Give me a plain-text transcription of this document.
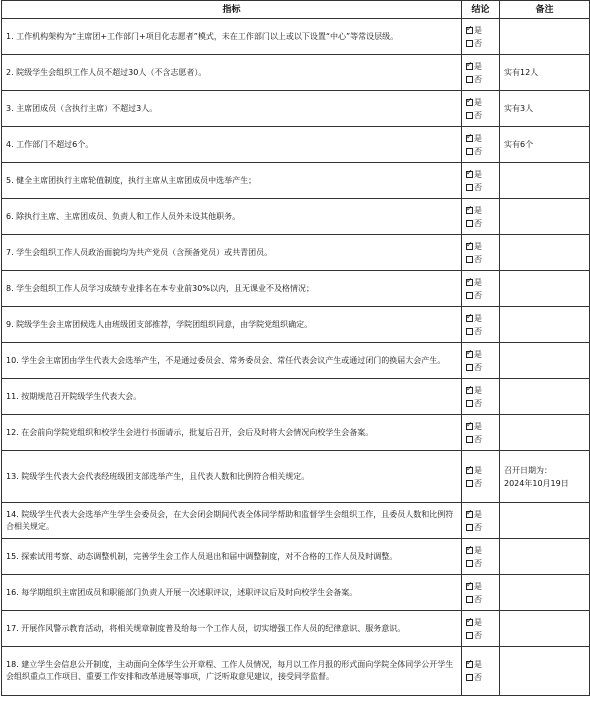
指标	结论	备注
1. 工作机构架构为“主席团+工作部门+项目化志愿者”模式，未在工作部门以上或以下设置“中心”等常设层级。	
✓是
否

2. 院级学生会组织工作人员不超过30人（不含志愿者）。	
✓是
否	实有12人

3. 主席团成员（含执行主席）不超过3人。	
✓是
否	实有3人

4. 工作部门不超过6个。	
✓是
否	实有6个

5. 健全主席团执行主席轮值制度，执行主席从主席团成员中选举产生；	
✓是
否

6. 除执行主席、主席团成员、负责人和工作人员外未设其他职务。	
✓是
否

7. 学生会组织工作人员政治面貌均为共产党员（含预备党员）或共青团员。	
✓是
否

8. 学生会组织工作人员学习成绩专业排名在本专业前30%以内，且无课业不及格情况；	
✓是
否

9. 院级学生会主席团候选人由班级团支部推荐，学院团组织同意，由学院党组织确定。	
✓是
否

10. 学生会主席团由学生代表大会选举产生，不是通过委员会、常务委员会、常任代表会议产生或通过闭门的换届大会产生。	
✓是
否

11. 按期规范召开院级学生代表大会。	
✓是
否

12. 在会前向学院党组织和校学生会进行书面请示，批复后召开，会后及时将大会情况向校学生会备案。	
✓是
否

13. 院级学生代表大会代表经班级团支部选举产生，且代表人数和比例符合相关规定。	
✓是
否	召开日期为：
2024年10月19日

14. 院级学生代表大会选举产生学生会委员会，在大会闭会期间代表全体同学帮助和监督学生会组织工作，且委员人数和比例符合相关规定。	
✓是
否

15. 探索试用考察、动态调整机制，完善学生会工作人员退出和届中调整制度，对不合格的工作人员及时调整。	
✓是
否

16. 每学期组织主席团成员和职能部门负责人开展一次述职评议，述职评议后及时向校学生会备案。	
✓是
否

17. 开展作风警示教育活动，将相关规章制度普及给每一个工作人员，切实增强工作人员的纪律意识、服务意识。	
✓是
否

18. 建立学生会信息公开制度，主动面向全体学生公开章程、工作人员情况，每月以工作月报的形式面向学院全体同学公开学生会组织重点工作项目、重要工作安排和改革进展等事项，广泛听取意见建议，接受同学监督。	
✓是
否
